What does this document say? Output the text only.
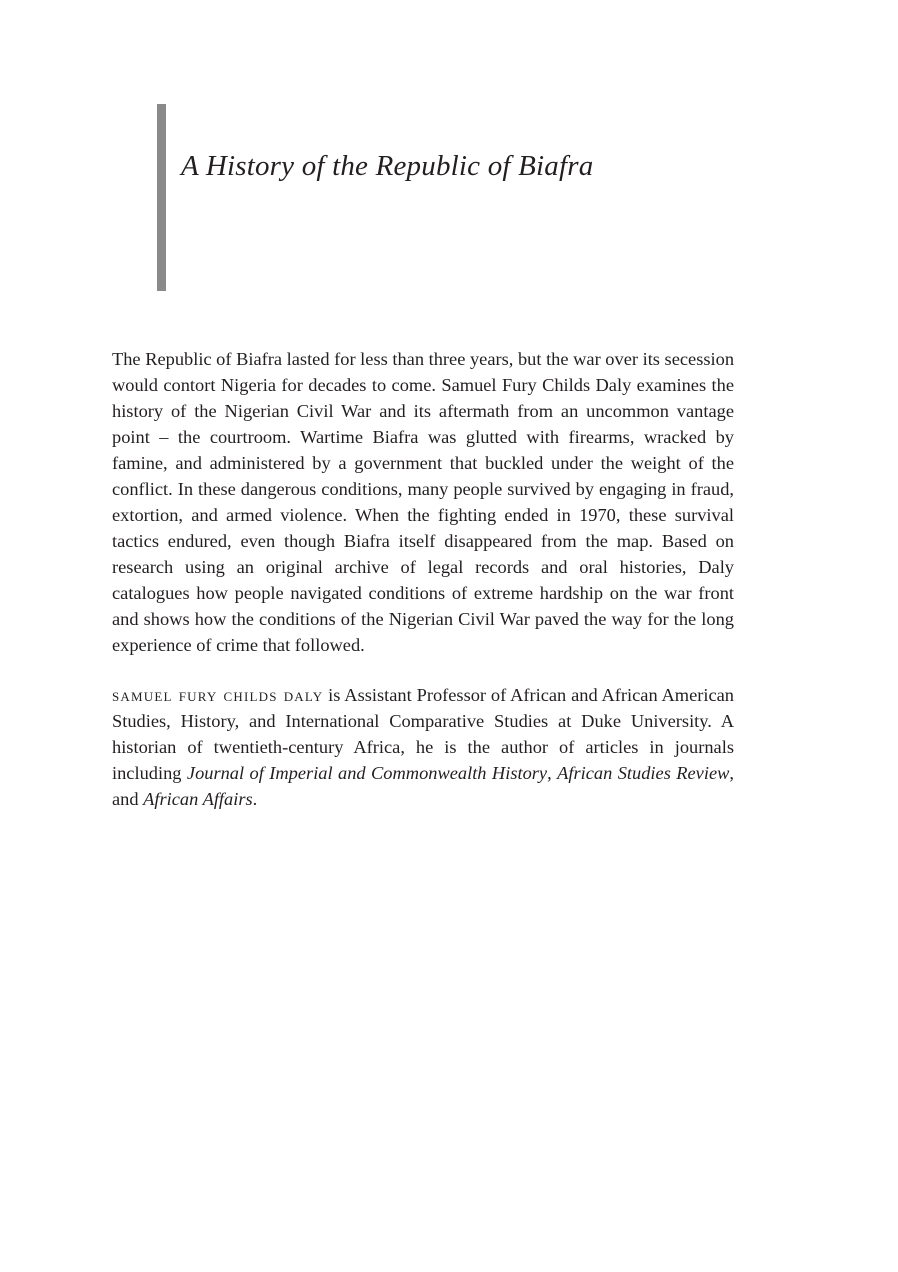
A History of the Republic of Biafra

The Republic of Biafra lasted for less than three years, but the war over its secession would contort Nigeria for decades to come. Samuel Fury Childs Daly examines the history of the Nigerian Civil War and its aftermath from an uncommon vantage point – the courtroom. Wartime Biafra was glutted with firearms, wracked by famine, and administered by a government that buckled under the weight of the conflict. In these dangerous conditions, many people survived by engaging in fraud, extortion, and armed violence. When the fighting ended in 1970, these survival tactics endured, even though Biafra itself disappeared from the map. Based on research using an original archive of legal records and oral histories, Daly catalogues how people navigated conditions of extreme hardship on the war front and shows how the conditions of the Nigerian Civil War paved the way for the long experience of crime that followed.

samuel fury childs daly is Assistant Professor of African and African American Studies, History, and International Comparative Studies at Duke University. A historian of twentieth-century Africa, he is the author of articles in journals including Journal of Imperial and Commonwealth History, African Studies Review, and African Affairs.
